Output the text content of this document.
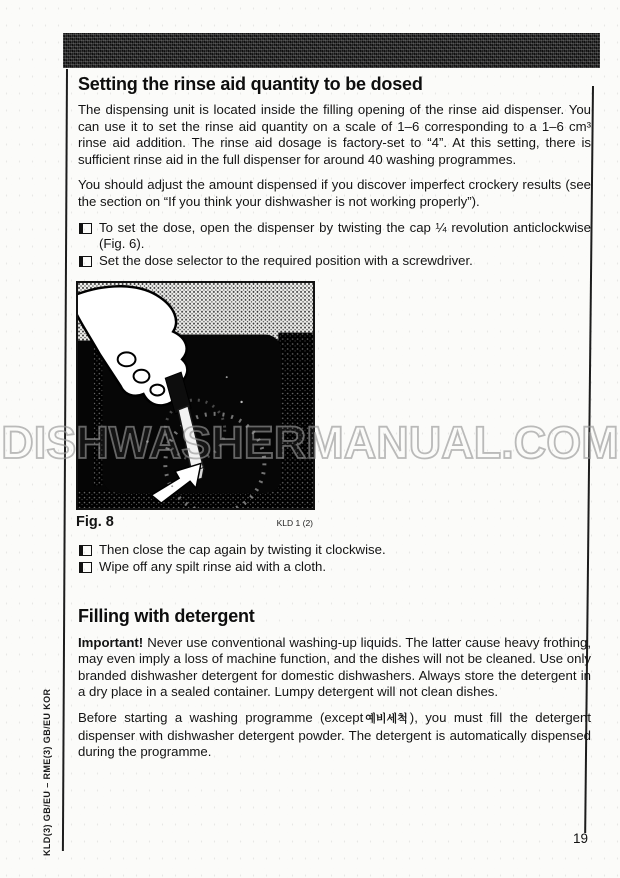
Setting the rinse aid quantity to be dosed

The dispensing unit is located inside the filling opening of the rinse aid dispenser. You can use it to set the rinse aid quantity on a scale of 1–6 corresponding to a 1–6 cm³ rinse aid addition. The rinse aid dosage is factory-set to “4”. At this setting, there is sufficient rinse aid in the full dispenser for around 40 washing programmes.

You should adjust the amount dispensed if you discover imperfect crockery results (see the section on “If you think your dishwasher is not working properly”).

To set the dose, open the dispenser by twisting the cap ¼ revolution anticlockwise (Fig. 6).
Set the dose selector to the required position with a screwdriver.
Fig. 8	KLD 1 (2)
Then close the cap again by twisting it clockwise.
Wipe off any spilt rinse aid with a cloth.
Filling with detergent

Important! Never use conventional washing-up liquids. The latter cause heavy frothing, may even imply a loss of machine function, and the dishes will not be cleaned. Use only branded dishwasher detergent for domestic dishwashers. Always store the detergent in a dry place in a sealed container. Lumpy detergent will not clean dishes.

Before starting a washing programme (except 예비세척 ), you must fill the detergent dispenser with dishwasher detergent powder. The detergent is automatically dispensed during the programme.

KLD(3) GB/EU – RME(3) GB/EU KOR	19
